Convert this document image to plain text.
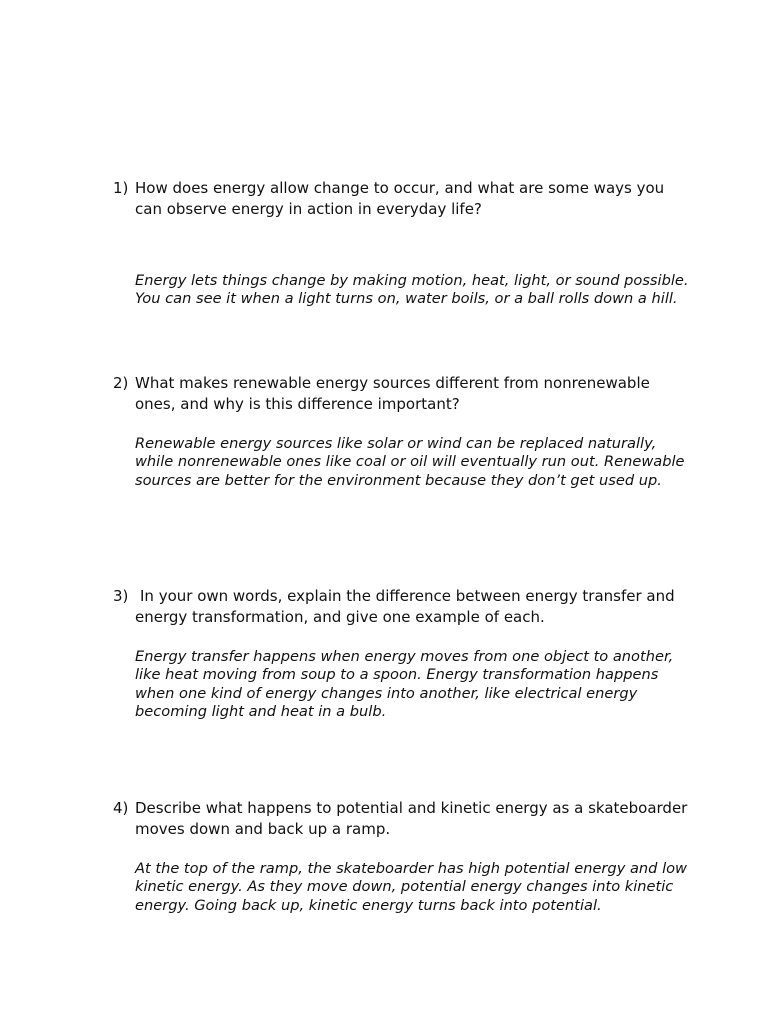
1) How does energy allow change to occur, and what are some ways you can observe energy in action in everyday life?
Energy lets things change by making motion, heat, light, or sound possible. You can see it when a light turns on, water boils, or a ball rolls down a hill.
2) What makes renewable energy sources different from nonrenewable ones, and why is this difference important?
Renewable energy sources like solar or wind can be replaced naturally, while nonrenewable ones like coal or oil will eventually run out. Renewable sources are better for the environment because they don’t get used up.
3) In your own words, explain the difference between energy transfer and energy transformation, and give one example of each.
Energy transfer happens when energy moves from one object to another, like heat moving from soup to a spoon. Energy transformation happens when one kind of energy changes into another, like electrical energy becoming light and heat in a bulb.
4) Describe what happens to potential and kinetic energy as a skateboarder moves down and back up a ramp.
At the top of the ramp, the skateboarder has high potential energy and low kinetic energy. As they move down, potential energy changes into kinetic energy. Going back up, kinetic energy turns back into potential.
